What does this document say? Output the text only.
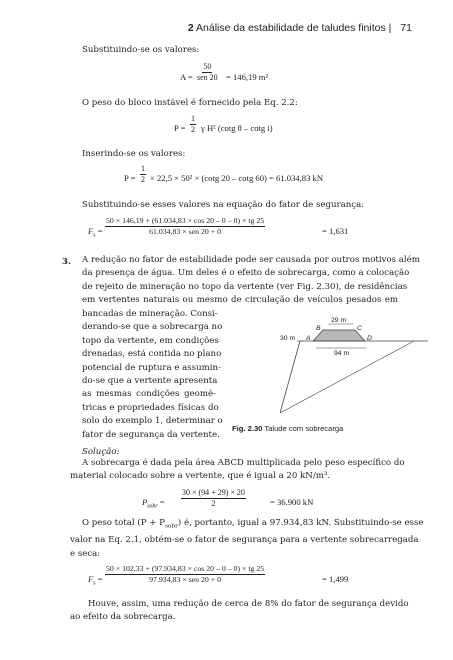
2 Análise da estabilidade de taludes finitos | 71
Substituindo-se os valores:
A =
50
sen 20 = 146,19 m²
O peso do bloco instável é fornecido pela Eq. 2.2:
$P = \frac{1}{2}$ γ H² (cotg θ – cotg i)
Inserindo-se os valores:
$P = \frac{1}{2} \times 22,5 \times 50^2 \times (\cot g$ 20 – cotg 60) = 61.034,83 kN
Substituindo-se esses valores na equação do fator de segurança:
$F_s$ =
50 × 146,19 + (61.034,83 × cos 20 – 0 – 0) × tg 25
61.034,83 × sen 20 + 0	= 1,631
3. A redução no fator de estabilidade pode ser causada por outros motivos além
da presença de água. Um deles é o efeito de sobrecarga, como a colocação
de rejeito de mineração no topo da vertente (ver Fig. 2.30), de residências
em vertentes naturais ou mesmo de circulação de veículos pesados em
bancadas de mineração. Consi-
derando-se que a sobrecarga no
topo da vertente, em condições
drenadas, está contida no plano
potencial de ruptura e assumin-
do-se que a vertente apresenta
as mesmas condições geomé-
tricas e propriedades físicas do
solo do exemplo 1, determinar o
fator de segurança da vertente.
29 m
B	C
30 m A	D
94 m
Fig. 2.30 Talude com sobrecarga
Solução:
A sobrecarga é dada pela área ABCD multiplicada pelo peso específico do
material colocado sobre a vertente, que é igual a 20 kN/m³.
$P_{sobr} = \frac{30 \times (94 + 29) \times 20}{2}$	= 36.900 kN
O peso total $(P + P_{sobr})$ é, portanto, igual a 97.934,83 kN. Substituindo-se esse
valor na Eq. 2.1, obtém-se o fator de segurança para a vertente sobrecarregada
e seca:
$F_s$ =
50 × 102,33 + (97.934,83 × cos 20 – 0 – 0) × tg 25
97.934,83 × sen 20 + 0	= 1,499
Houve, assim, uma redução de cerca de 8% do fator de segurança devido
ao efeito da sobrecarga.
